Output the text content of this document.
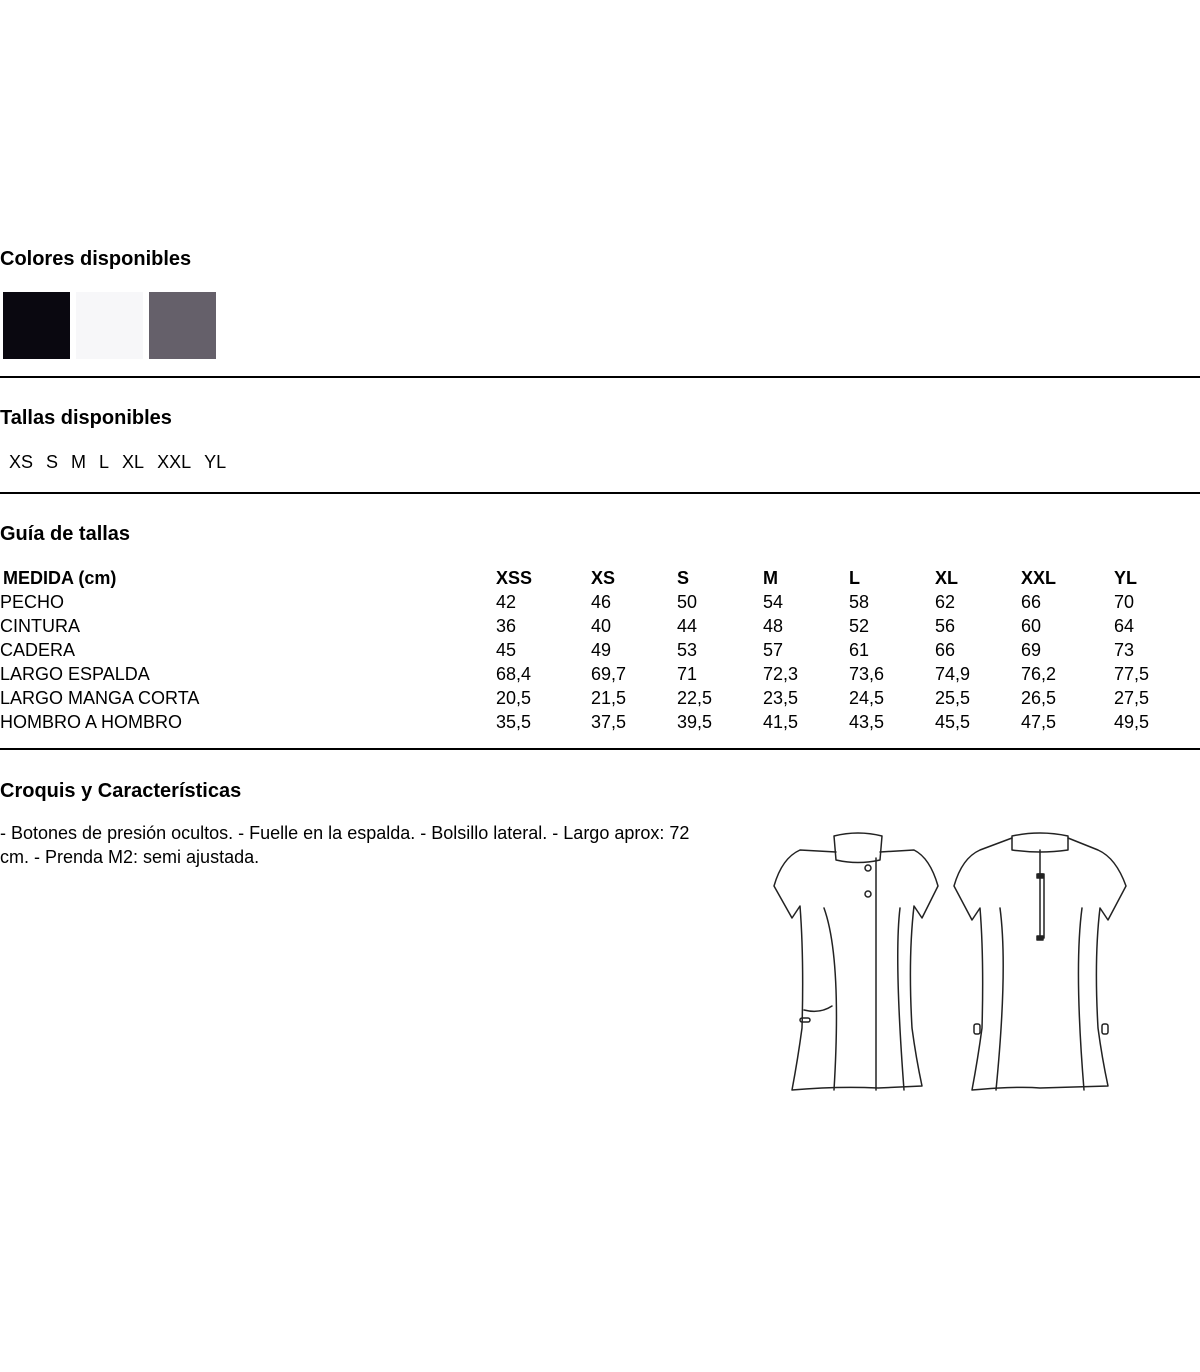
Colores disponibles
Tallas disponibles
XS S M L XL XXL YL
Guía de tallas
MEDIDA (cm)	XSS	XS	S	M	L	XL	XXL	YL
PECHO	42	46	50	54	58	62	66	70
CINTURA	36	40	44	48	52	56	60	64
CADERA	45	49	53	57	61	66	69	73
LARGO ESPALDA	68,4	69,7	71	72,3	73,6	74,9	76,2	77,5
LARGO MANGA CORTA	20,5	21,5	22,5	23,5	24,5	25,5	26,5	27,5
HOMBRO A HOMBRO	35,5	37,5	39,5	41,5	43,5	45,5	47,5	49,5
Croquis y Características

- Botones de presión ocultos. - Fuelle en la espalda. - Bolsillo lateral. - Largo aprox: 72 cm. - Prenda M2: semi ajustada.
